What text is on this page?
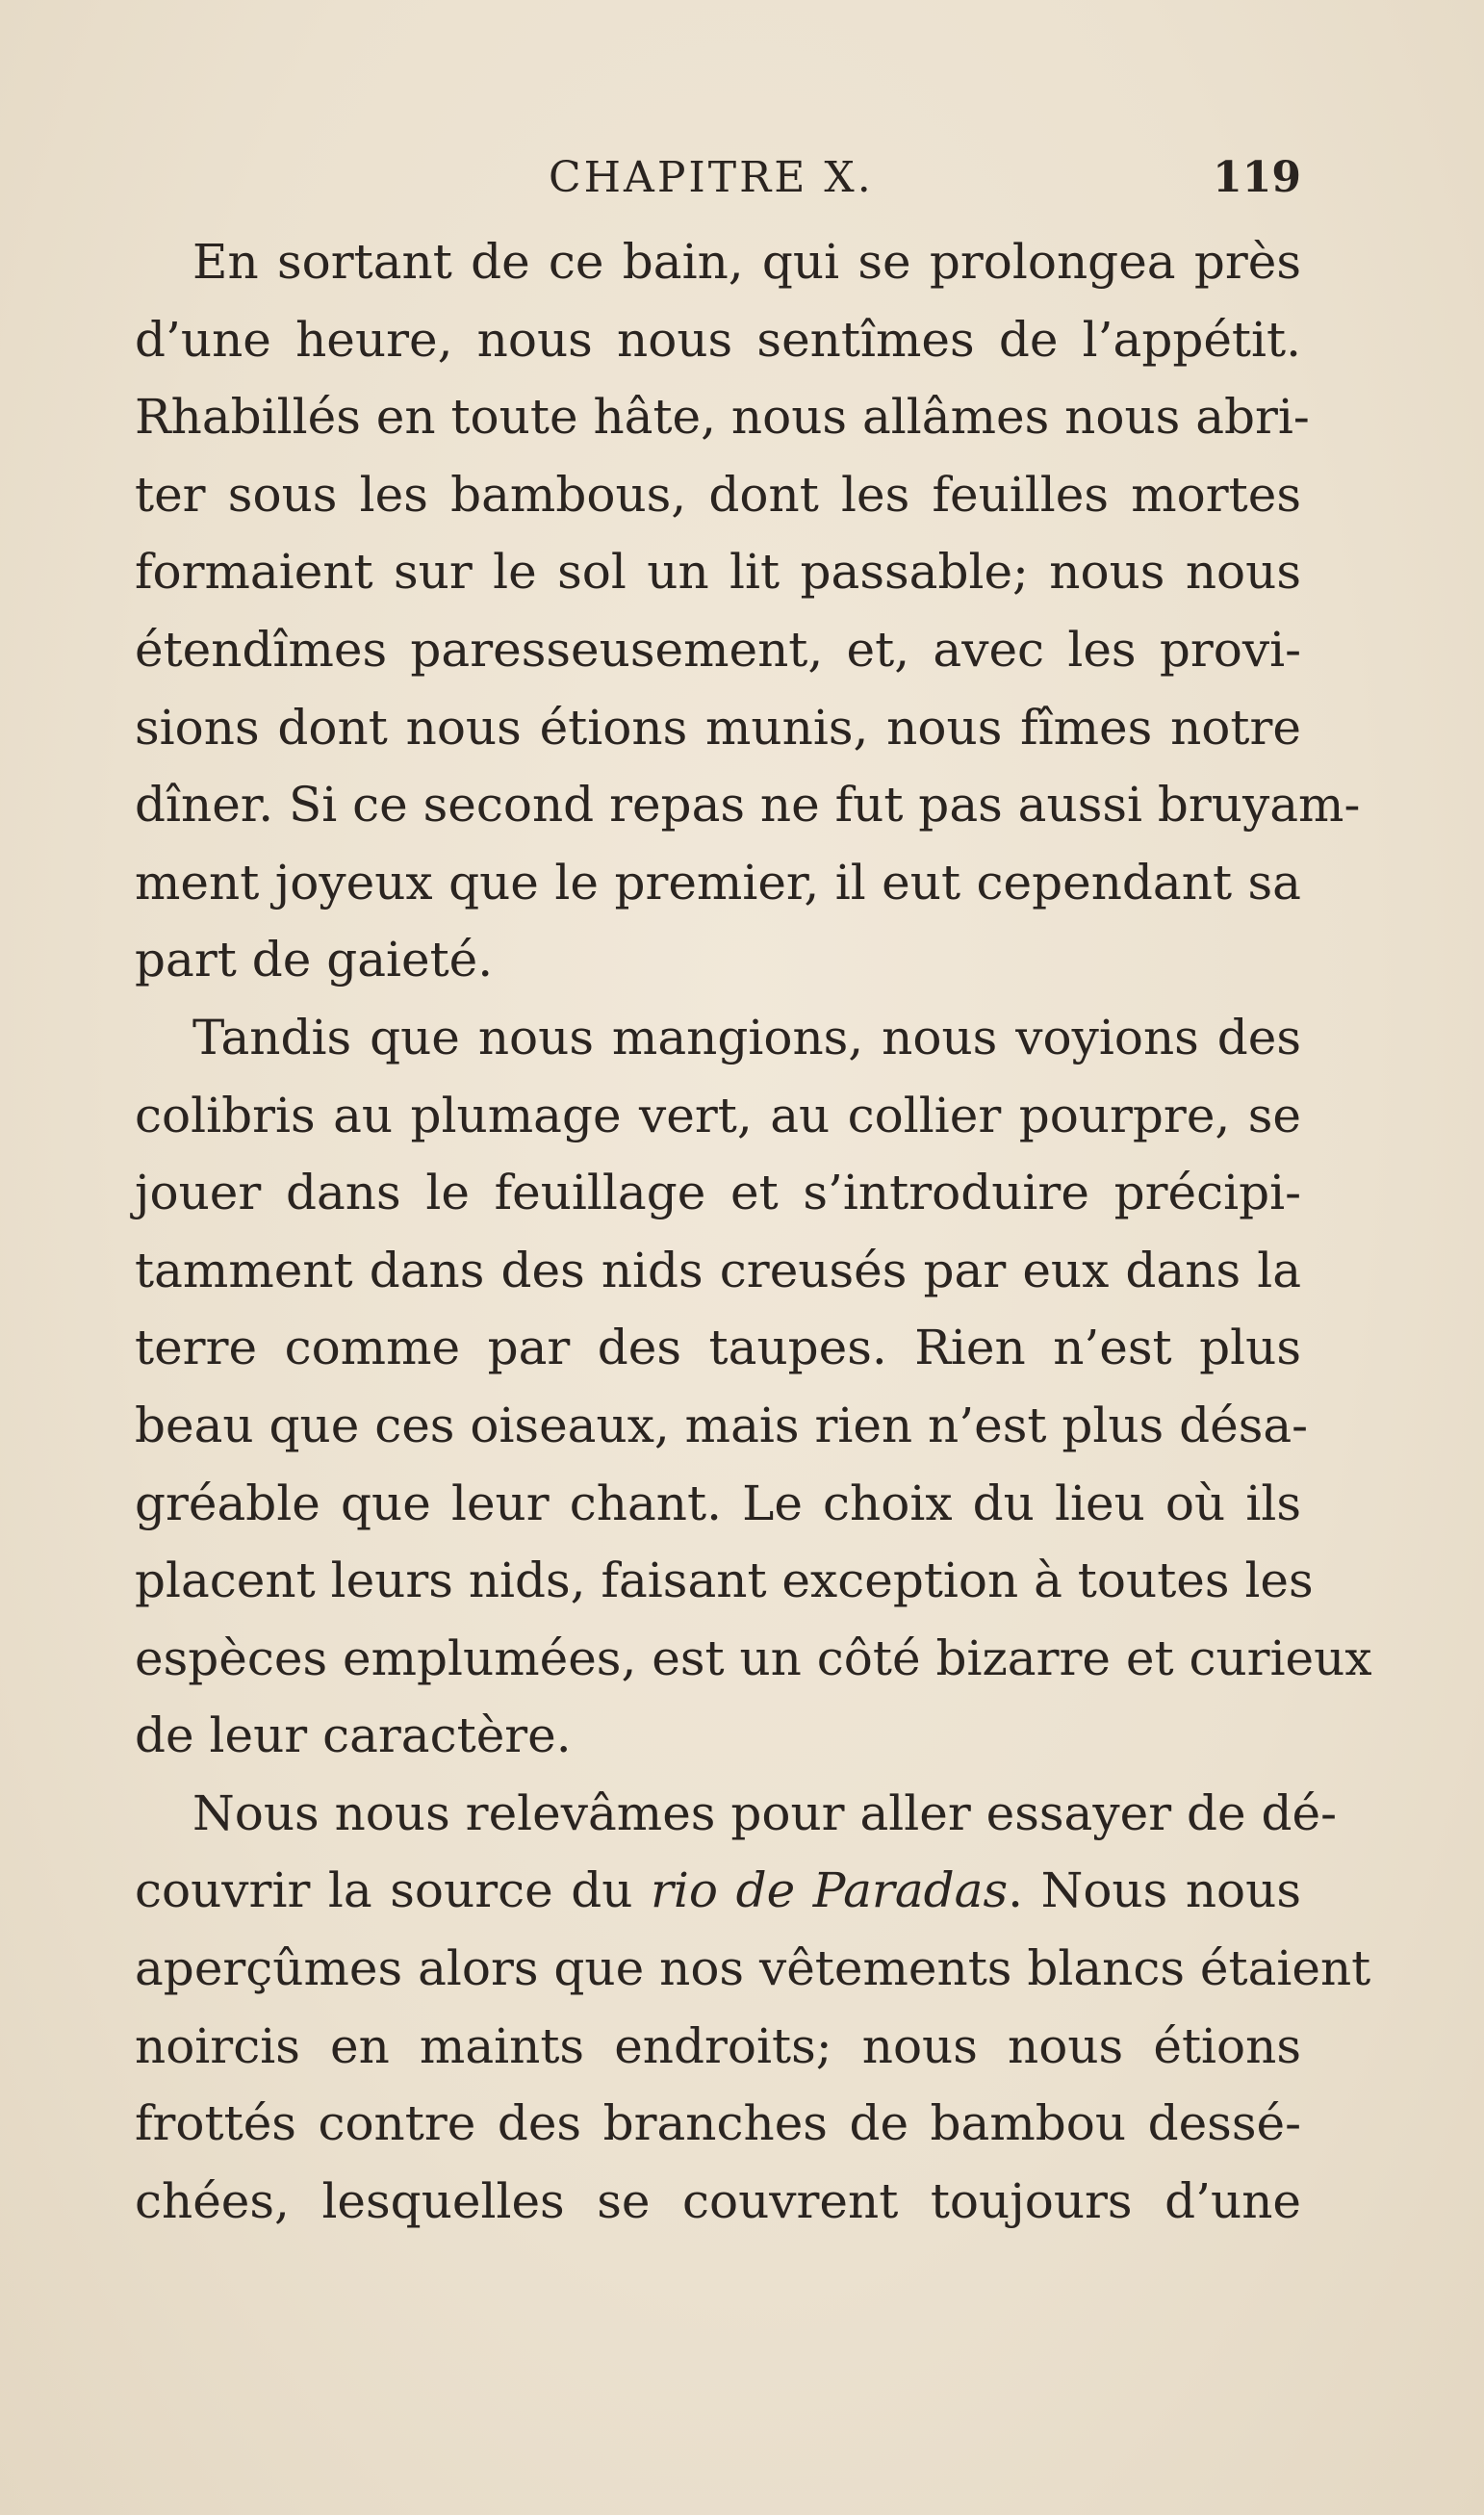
CHAPITRE X.	119

En sortant de ce bain, qui se prolongea près
d’une heure, nous nous sentîmes de l’appétit.
Rhabillés en toute hâte, nous allâmes nous abri-
ter sous les bambous, dont les feuilles mortes
formaient sur le sol un lit passable; nous nous
étendîmes paresseusement, et, avec les provi-
sions dont nous étions munis, nous fîmes notre
dîner. Si ce second repas ne fut pas aussi bruyam-
ment joyeux que le premier, il eut cependant sa
part de gaieté.

Tandis que nous mangions, nous voyions des
colibris au plumage vert, au collier pourpre, se
jouer dans le feuillage et s’introduire précipi-
tamment dans des nids creusés par eux dans la
terre comme par des taupes. Rien n’est plus
beau que ces oiseaux, mais rien n’est plus désa-
gréable que leur chant. Le choix du lieu où ils
placent leurs nids, faisant exception à toutes les
espèces emplumées, est un côté bizarre et curieux
de leur caractère.

Nous nous relevâmes pour aller essayer de dé-
couvrir la source du rio de Paradas. Nous nous
aperçûmes alors que nos vêtements blancs étaient
noircis en maints endroits; nous nous étions
frottés contre des branches de bambou dessé-
chées, lesquelles se couvrent toujours d’une
